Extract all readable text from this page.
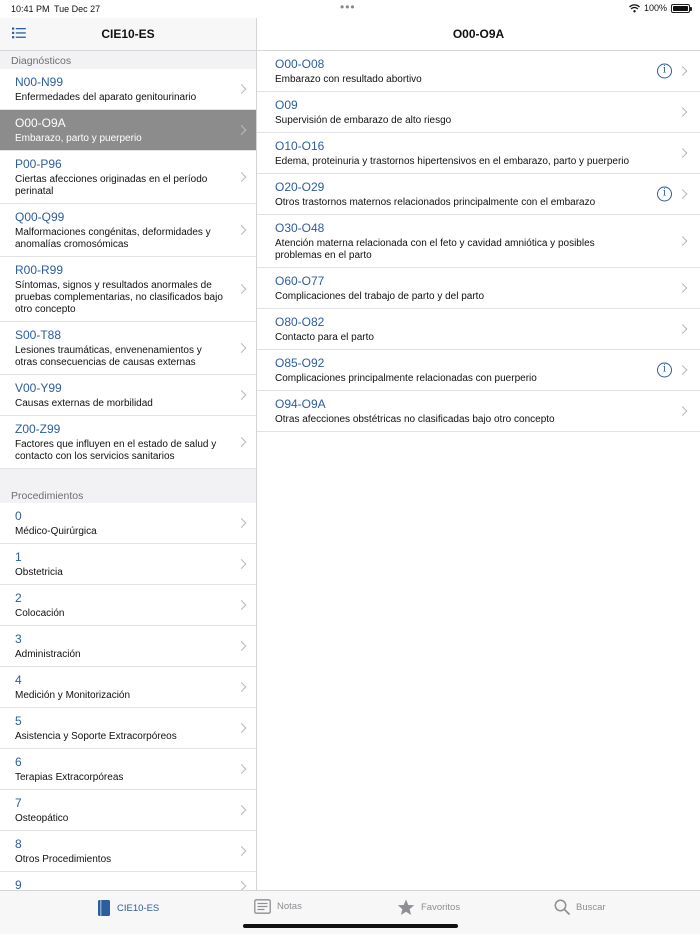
10:41 PM Tue Dec 27	•••	100%
CIE10-ES
Diagnósticos
N00-N99
Enfermedades del aparato genitourinario
O00-O9A
Embarazo, parto y puerperio
P00-P96
Ciertas afecciones originadas en el período perinatal
Q00-Q99
Malformaciones congénitas, deformidades y anomalías cromosómicas
R00-R99
Síntomas, signos y resultados anormales de pruebas complementarias, no clasificados bajo otro concepto
S00-T88
Lesiones traumáticas, envenenamientos y otras consecuencias de causas externas
V00-Y99
Causas externas de morbilidad
Z00-Z99
Factores que influyen en el estado de salud y contacto con los servicios sanitarios
Procedimientos
0
Médico-Quirúrgica
1
Obstetricia
2
Colocación
3
Administración
4
Medición y Monitorización
5
Asistencia y Soporte Extracorpóreos
6
Terapias Extracorpóreas
7
Osteopático
8
Otros Procedimientos
9
O00-O9A
O00-O08
Embarazo con resultado abortivo
i
O09
Supervisión de embarazo de alto riesgo
O10-O16
Edema, proteinuria y trastornos hipertensivos en el embarazo, parto y puerperio
O20-O29
Otros trastornos maternos relacionados principalmente con el embarazo
i
O30-O48
Atención materna relacionada con el feto y cavidad amniótica y posibles problemas en el parto
O60-O77
Complicaciones del trabajo de parto y del parto
O80-O82
Contacto para el parto
O85-O92
Complicaciones principalmente relacionadas con puerperio
i
O94-O9A
Otras afecciones obstétricas no clasificadas bajo otro concepto
CIE10-ES	Notas	Favoritos	Buscar
